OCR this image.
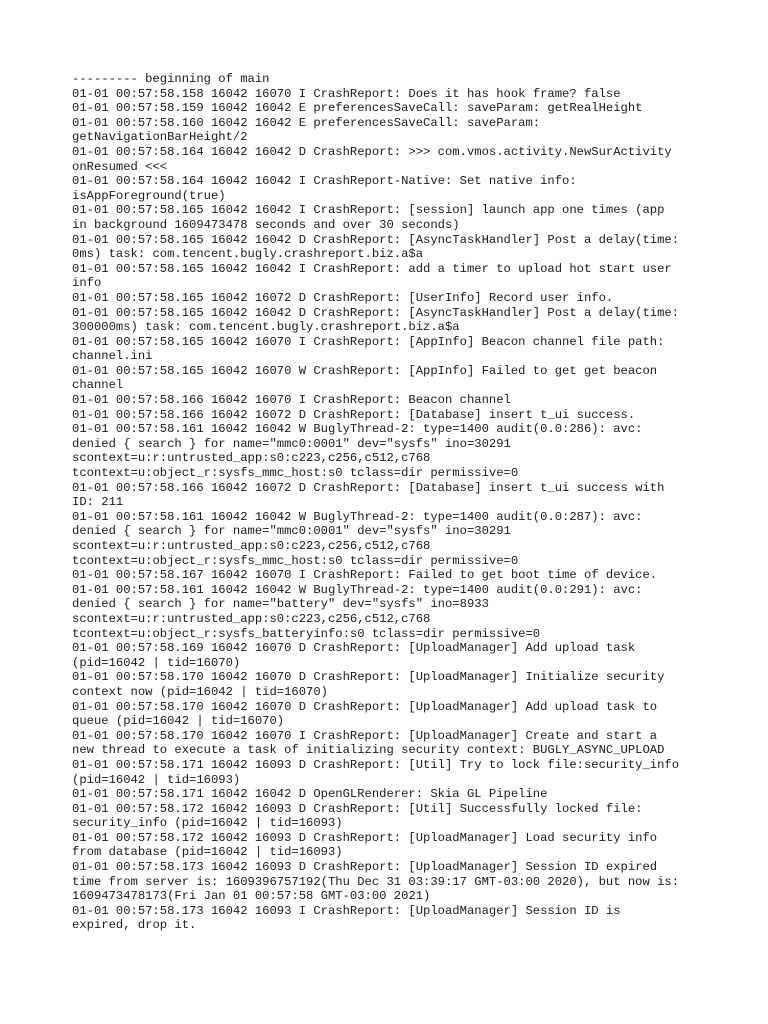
--------- beginning of main
01-01 00:57:58.158 16042 16070 I CrashReport: Does it has hook frame? false
01-01 00:57:58.159 16042 16042 E preferencesSaveCall: saveParam: getRealHeight
01-01 00:57:58.160 16042 16042 E preferencesSaveCall: saveParam:
getNavigationBarHeight/2
01-01 00:57:58.164 16042 16042 D CrashReport: >>> com.vmos.activity.NewSurActivity
onResumed <<<
01-01 00:57:58.164 16042 16042 I CrashReport-Native: Set native info:
isAppForeground(true)
01-01 00:57:58.165 16042 16042 I CrashReport: [session] launch app one times (app
in background 1609473478 seconds and over 30 seconds)
01-01 00:57:58.165 16042 16042 D CrashReport: [AsyncTaskHandler] Post a delay(time:
0ms) task: com.tencent.bugly.crashreport.biz.a$a
01-01 00:57:58.165 16042 16042 I CrashReport: add a timer to upload hot start user
info
01-01 00:57:58.165 16042 16072 D CrashReport: [UserInfo] Record user info.
01-01 00:57:58.165 16042 16042 D CrashReport: [AsyncTaskHandler] Post a delay(time:
300000ms) task: com.tencent.bugly.crashreport.biz.a$a
01-01 00:57:58.165 16042 16070 I CrashReport: [AppInfo] Beacon channel file path:
channel.ini
01-01 00:57:58.165 16042 16070 W CrashReport: [AppInfo] Failed to get get beacon
channel
01-01 00:57:58.166 16042 16070 I CrashReport: Beacon channel
01-01 00:57:58.166 16042 16072 D CrashReport: [Database] insert t_ui success.
01-01 00:57:58.161 16042 16042 W BuglyThread-2: type=1400 audit(0.0:286): avc:
denied { search } for name="mmc0:0001" dev="sysfs" ino=30291
scontext=u:r:untrusted_app:s0:c223,c256,c512,c768
tcontext=u:object_r:sysfs_mmc_host:s0 tclass=dir permissive=0
01-01 00:57:58.166 16042 16072 D CrashReport: [Database] insert t_ui success with
ID: 211
01-01 00:57:58.161 16042 16042 W BuglyThread-2: type=1400 audit(0.0:287): avc:
denied { search } for name="mmc0:0001" dev="sysfs" ino=30291
scontext=u:r:untrusted_app:s0:c223,c256,c512,c768
tcontext=u:object_r:sysfs_mmc_host:s0 tclass=dir permissive=0
01-01 00:57:58.167 16042 16070 I CrashReport: Failed to get boot time of device.
01-01 00:57:58.161 16042 16042 W BuglyThread-2: type=1400 audit(0.0:291): avc:
denied { search } for name="battery" dev="sysfs" ino=8933
scontext=u:r:untrusted_app:s0:c223,c256,c512,c768
tcontext=u:object_r:sysfs_batteryinfo:s0 tclass=dir permissive=0
01-01 00:57:58.169 16042 16070 D CrashReport: [UploadManager] Add upload task
(pid=16042 | tid=16070)
01-01 00:57:58.170 16042 16070 D CrashReport: [UploadManager] Initialize security
context now (pid=16042 | tid=16070)
01-01 00:57:58.170 16042 16070 D CrashReport: [UploadManager] Add upload task to
queue (pid=16042 | tid=16070)
01-01 00:57:58.170 16042 16070 I CrashReport: [UploadManager] Create and start a
new thread to execute a task of initializing security context: BUGLY_ASYNC_UPLOAD
01-01 00:57:58.171 16042 16093 D CrashReport: [Util] Try to lock file:security_info
(pid=16042 | tid=16093)
01-01 00:57:58.171 16042 16042 D OpenGLRenderer: Skia GL Pipeline
01-01 00:57:58.172 16042 16093 D CrashReport: [Util] Successfully locked file:
security_info (pid=16042 | tid=16093)
01-01 00:57:58.172 16042 16093 D CrashReport: [UploadManager] Load security info
from database (pid=16042 | tid=16093)
01-01 00:57:58.173 16042 16093 D CrashReport: [UploadManager] Session ID expired
time from server is: 1609396757192(Thu Dec 31 03:39:17 GMT-03:00 2020), but now is:
1609473478173(Fri Jan 01 00:57:58 GMT-03:00 2021)
01-01 00:57:58.173 16042 16093 I CrashReport: [UploadManager] Session ID is
expired, drop it.
